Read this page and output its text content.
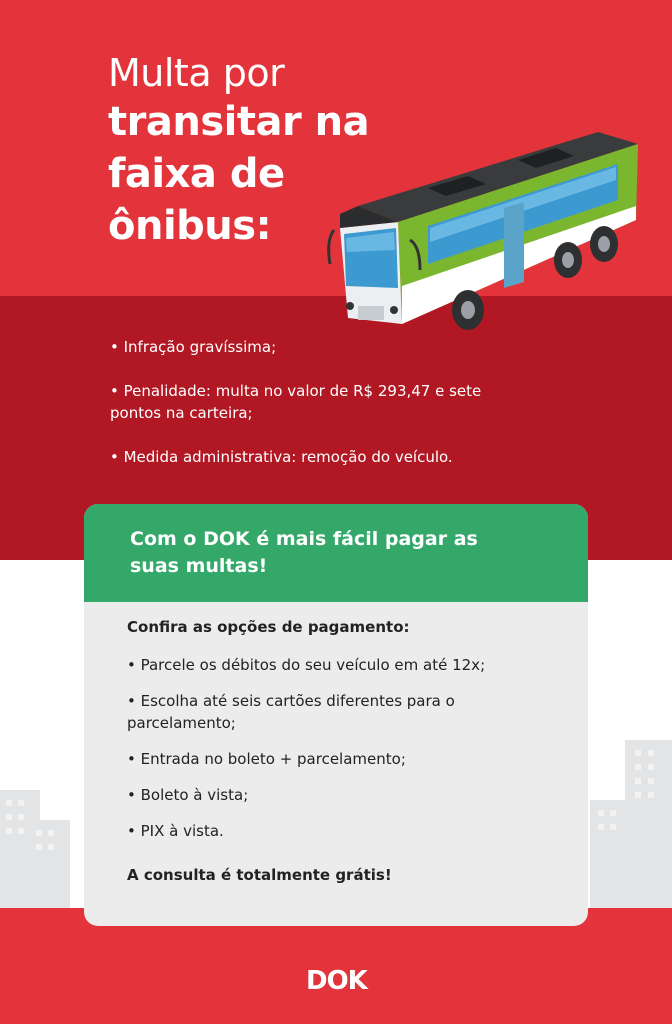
Multa por
transitar na
faixa de
ônibus:
• Infração gravíssima;
• Penalidade: multa no valor de R$ 293,47 e sete pontos na carteira;
• Medida administrativa: remoção do veículo.
Com o DOK é mais fácil pagar as suas multas!
Confira as opções de pagamento:
• Parcele os débitos do seu veículo em até 12x;
• Escolha até seis cartões diferentes para o parcelamento;
• Entrada no boleto + parcelamento;
• Boleto à vista;
• PIX à vista.
A consulta é totalmente grátis!
DOK
